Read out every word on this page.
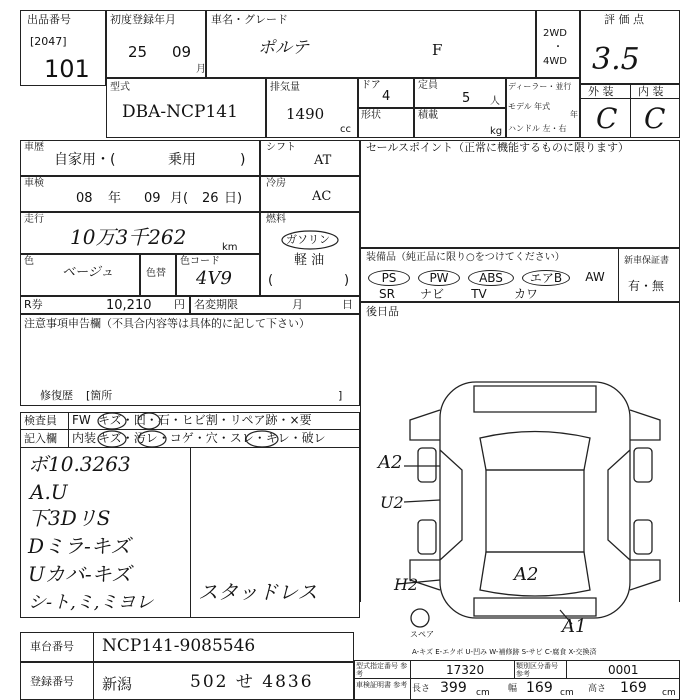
出品番号
[2047]
101
初度登録年月
25 09
月
車名・グレード
ポルテ	F
2WD
・
4WD
評 価 点
3.5
外 装 内 装
C C
型式
DBA-NCP141
排気量
1490
cc
ドア
4
定員
5 人
形状	積載
kg
ディーラー・並行
モデル 年式
年
ハンドル 左・右
車歴
自家用・(	乗用	)
シフト
AT
セールスポイント（正常に機能するものに限ります）
車検
08 年 09 月( 26 日)
冷房
AC
走行
10万3千262	km
燃料
ガソリン
軽 油
(	)
色
ベージュ	色替
色コード
4V9
装備品（純正品に限り○をつけてください）	新車保証書
有・無
PS	PW	ABS	エアB	AW
SR	ナビ	TV	カワ
R券	10,210 円 名変期限	月	日
注意事項申告欄（不具合内容等は具体的に記して下さい）
修復歴 [箇所	]
後日品
検査員 FW キズ・凹・石・ヒビ割・リペア跡・×要
記入欄 内装 キズ・汚レ・コゲ・穴・スレ・キレ・破レ
ボ10.3263
A.U
下3DリS
Dミラ-キズ
Uカバ-キズ
シ-ト,ミ,ミヨレ スタッドレス
A2
U2
A2
H2
A1
スペア
A-キズ E-エクボ U-凹み W-補修跡 S-サビ C-腐食 X-交換済
車台番号 NCP141-9085546
登録番号 新潟	502 せ 4836
型式指定番号 参考	17320	類別区分番号 参考	0001
車検証明書 参考 長さ 399 cm 幅 169 cm 高さ 169 cm
